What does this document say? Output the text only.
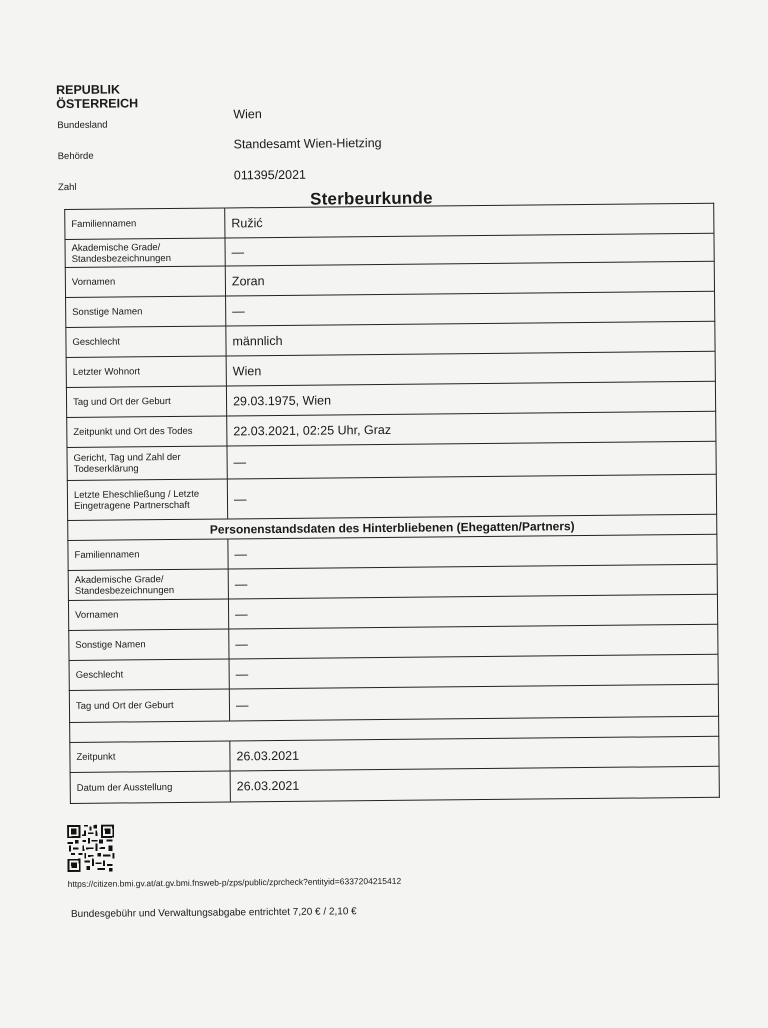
REPUBLIK
ÖSTERREICH
Bundesland
Wien
Behörde
Standesamt Wien-Hietzing
Zahl
011395/2021
Sterbeurkunde
Familiennamen	Ružić
Akademische Grade/ Standesbezeichnungen	—
Vornamen	Zoran
Sonstige Namen	—
Geschlecht	männlich
Letzter Wohnort	Wien
Tag und Ort der Geburt	29.03.1975, Wien
Zeitpunkt und Ort des Todes	22.03.2021, 02:25 Uhr, Graz
Gericht, Tag und Zahl der Todeserklärung	—
Letzte Eheschließung / Letzte Eingetragene Partnerschaft	—
Personenstandsdaten des Hinterbliebenen (Ehegatten/Partners)	
Familiennamen	—
Akademische Grade/ Standesbezeichnungen	—
Vornamen	—
Sonstige Namen	—
Geschlecht	—
Tag und Ort der Geburt	—

Zeitpunkt	26.03.2021
Datum der Ausstellung	26.03.2021
https://citizen.bmi.gv.at/at.gv.bmi.fnsweb-p/zps/public/zprcheck?entityid=6337204215412
Bundesgebühr und Verwaltungsabgabe entrichtet 7,20 € / 2,10 €
